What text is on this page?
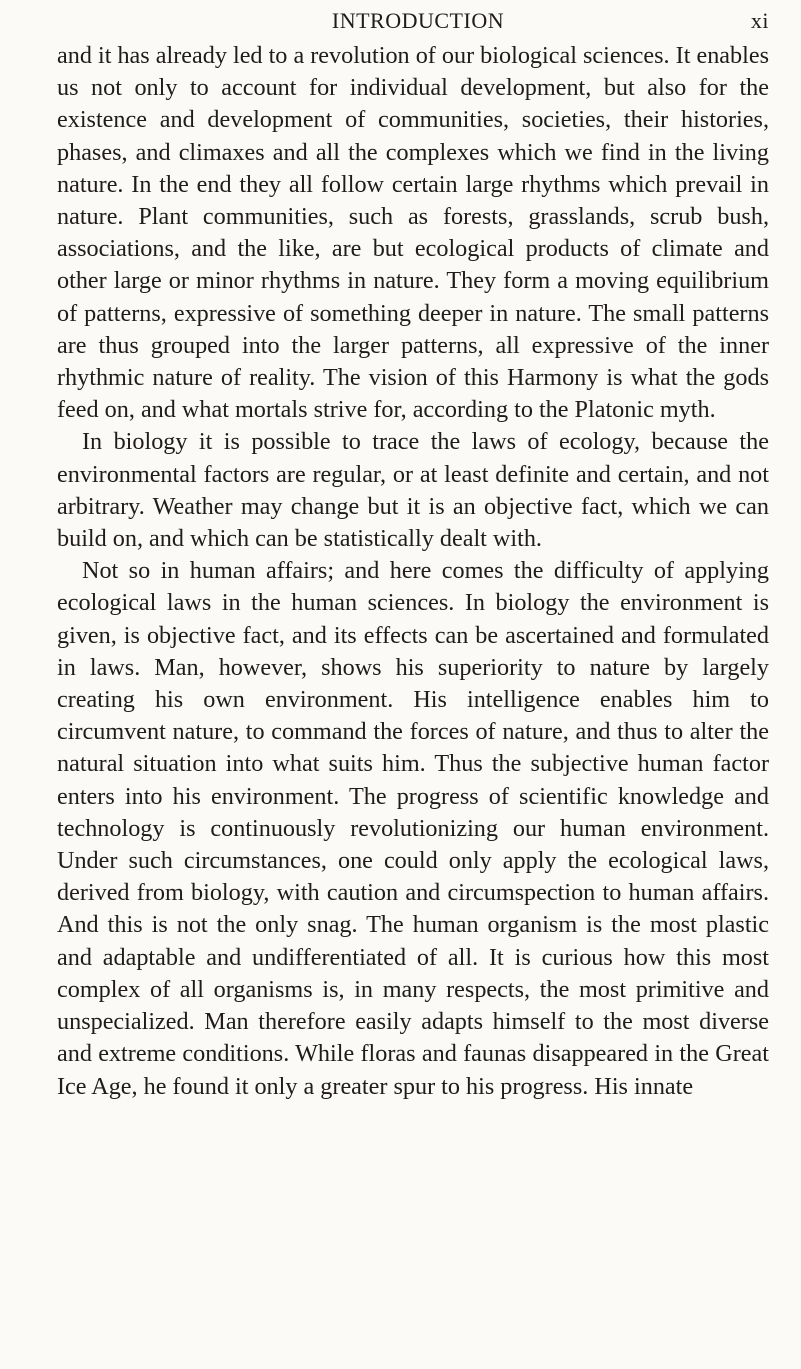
INTRODUCTION	xi

and it has already led to a revolution of our biological sciences. It enables us not only to account for individual development, but also for the existence and development of communities, societies, their histories, phases, and climaxes and all the complexes which we find in the living nature. In the end they all follow certain large rhythms which prevail in nature. Plant communities, such as forests, grasslands, scrub bush, associations, and the like, are but ecological products of climate and other large or minor rhythms in nature. They form a moving equilibrium of patterns, expressive of something deeper in nature. The small patterns are thus grouped into the larger patterns, all expressive of the inner rhythmic nature of reality. The vision of this Harmony is what the gods feed on, and what mortals strive for, according to the Platonic myth.

In biology it is possible to trace the laws of ecology, because the environmental factors are regular, or at least definite and certain, and not arbitrary. Weather may change but it is an objective fact, which we can build on, and which can be statistically dealt with.

Not so in human affairs; and here comes the difficulty of applying ecological laws in the human sciences. In biology the environment is given, is objective fact, and its effects can be ascertained and formulated in laws. Man, however, shows his superiority to nature by largely creating his own environment. His intelligence enables him to circumvent nature, to command the forces of nature, and thus to alter the natural situation into what suits him. Thus the subjective human factor enters into his environment. The progress of scientific knowledge and technology is continuously revolutionizing our human environment. Under such circumstances, one could only apply the ecological laws, derived from biology, with caution and circumspection to human affairs. And this is not the only snag. The human organism is the most plastic and adaptable and undifferentiated of all. It is curious how this most complex of all organisms is, in many respects, the most primitive and unspecialized. Man therefore easily adapts himself to the most diverse and extreme conditions. While floras and faunas disappeared in the Great Ice Age, he found it only a greater spur to his progress. His innate
